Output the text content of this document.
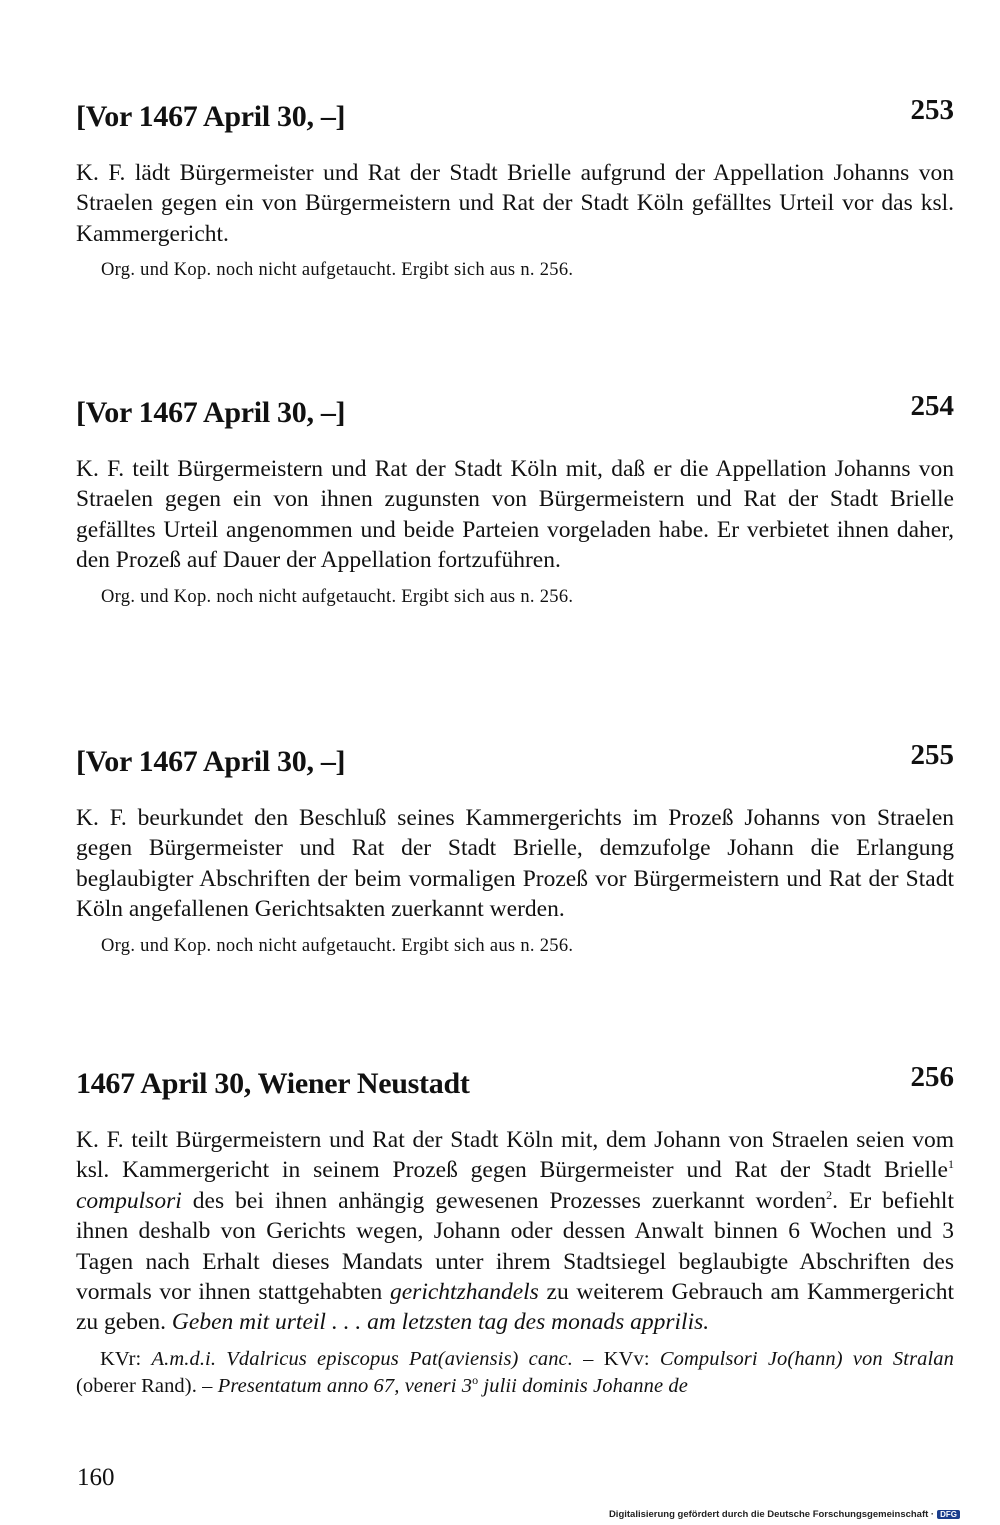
[Vor 1467 April 30, –]	253
K. F. lädt Bürgermeister und Rat der Stadt Brielle aufgrund der Appellation Johanns von Straelen gegen ein von Bürgermeistern und Rat der Stadt Köln gefälltes Urteil vor das ksl. Kammergericht.
Org. und Kop. noch nicht aufgetaucht. Ergibt sich aus n. 256.
[Vor 1467 April 30, –]	254
K. F. teilt Bürgermeistern und Rat der Stadt Köln mit, daß er die Appellation Johanns von Straelen gegen ein von ihnen zugunsten von Bürgermeistern und Rat der Stadt Brielle gefälltes Urteil angenommen und beide Parteien vorgeladen habe. Er verbietet ihnen daher, den Prozeß auf Dauer der Appellation fortzuführen.
Org. und Kop. noch nicht aufgetaucht. Ergibt sich aus n. 256.
[Vor 1467 April 30, –]	255
K. F. beurkundet den Beschluß seines Kammergerichts im Prozeß Johanns von Straelen gegen Bürgermeister und Rat der Stadt Brielle, demzufolge Johann die Erlangung beglaubigter Abschriften der beim vormaligen Prozeß vor Bürgermeistern und Rat der Stadt Köln angefallenen Gerichtsakten zuerkannt werden.
Org. und Kop. noch nicht aufgetaucht. Ergibt sich aus n. 256.
1467 April 30, Wiener Neustadt	256
K. F. teilt Bürgermeistern und Rat der Stadt Köln mit, dem Johann von Straelen seien vom ksl. Kammergericht in seinem Prozeß gegen Bürgermeister und Rat der Stadt Brielle$^1$ compulsori des bei ihnen anhängig gewesenen Prozesses zuerkannt worden$^2$. Er befiehlt ihnen deshalb von Gerichts wegen, Johann oder dessen Anwalt binnen 6 Wochen und 3 Tagen nach Erhalt dieses Mandats unter ihrem Stadtsiegel beglaubigte Abschriften des vormals vor ihnen stattgehabten gerichtzhandels zu weiterem Gebrauch am Kammergericht zu geben. Geben mit urteil . . . am letzsten tag des monads apprilis.
KVr: A.m.d.i. Vdalricus episcopus Pat(aviensis) canc. – KVv: Compulsori Jo(hann) von Stralan (oberer Rand). – Presentatum anno 67, veneri 3$^o$ julii dominis Johanne de
160
Digitalisierung gefördert durch die Deutsche Forschungsgemeinschaft · DFG
